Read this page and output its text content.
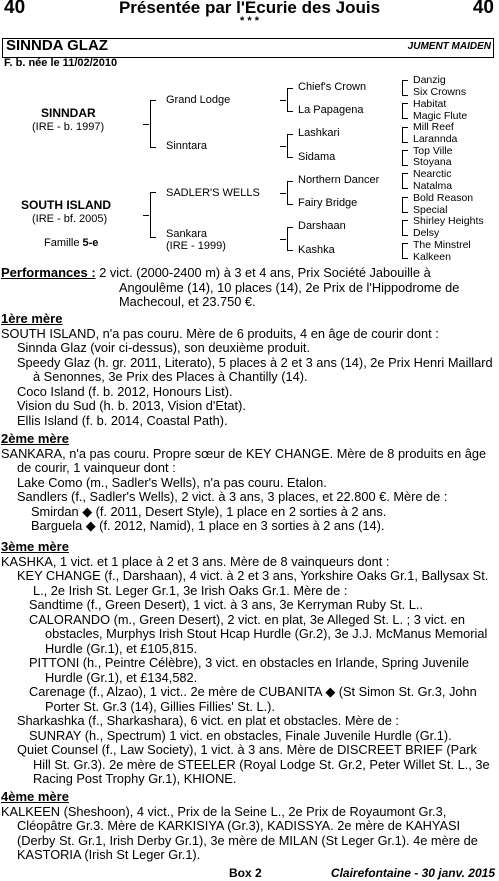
40	40
Présentée par l'Ecurie des Jouis
* * *
SINNDA GLAZ	JUMENT MAIDEN
F. b. née le 11/02/2010
SINNDAR
(IRE - b. 1997)
SOUTH ISLAND
(IRE - bf. 2005)
Famille 5-e
Grand Lodge
Sinntara
SADLER'S WELLS
Sankara
(IRE - 1999)
Chief's Crown
La Papagena
Lashkari
Sidama
Northern Dancer
Fairy Bridge
Darshaan
Kashka
Danzig
Six Crowns
Habitat
Magic Flute
Mill Reef
Larannda
Top Ville
Stoyana
Nearctic
Natalma
Bold Reason
Special
Shirley Heights
Delsy
The Minstrel
Kalkeen
Performances : 2 vict. (2000-2400 m) à 3 et 4 ans, Prix Société Jabouille à Angoulême (14), 10 places (14), 2e Prix de l'Hippodrome de Machecoul, et 23.750 €.
1ère mère
SOUTH ISLAND, n'a pas couru. Mère de 6 produits, 4 en âge de courir dont :
Sinnda Glaz (voir ci-dessus), son deuxième produit.
Speedy Glaz (h. gr. 2011, Literato), 5 places à 2 et 3 ans (14), 2e Prix Henri Maillard à Senonnes, 3e Prix des Places à Chantilly (14).
Coco Island (f. b. 2012, Honours List).
Vision du Sud (h. b. 2013, Vision d'Etat).
Ellis Island (f. b. 2014, Coastal Path).
2ème mère
SANKARA, n'a pas couru. Propre sœur de KEY CHANGE. Mère de 8 produits en âge de courir, 1 vainqueur dont :
Lake Como (m., Sadler's Wells), n'a pas couru. Etalon.
Sandlers (f., Sadler's Wells), 2 vict. à 3 ans, 3 places, et 22.800 €. Mère de :
Smirdan ◆ (f. 2011, Desert Style), 1 place en 2 sorties à 2 ans.
Barguela ◆ (f. 2012, Namid), 1 place en 3 sorties à 2 ans (14).
3ème mère
KASHKA, 1 vict. et 1 place à 2 et 3 ans. Mère de 8 vainqueurs dont :
KEY CHANGE (f., Darshaan), 4 vict. à 2 et 3 ans, Yorkshire Oaks Gr.1, Ballysax St. L., 2e Irish St. Leger Gr.1, 3e Irish Oaks Gr.1. Mère de :
Sandtime (f., Green Desert), 1 vict. à 3 ans, 3e Kerryman Ruby St. L..
CALORANDO (m., Green Desert), 2 vict. en plat, 3e Alleged St. L. ; 3 vict. en obstacles, Murphys Irish Stout Hcap Hurdle (Gr.2), 3e J.J. McManus Memorial Hurdle (Gr.1), et £105,815.
PITTONI (h., Peintre Célèbre), 3 vict. en obstacles en Irlande, Spring Juvenile Hurdle (Gr.1), et £134,582.
Carenage (f., Alzao), 1 vict.. 2e mère de CUBANITA ◆ (St Simon St. Gr.3, John Porter St. Gr.3 (14), Gillies Fillies' St. L.).
Sharkashka (f., Sharkashara), 6 vict. en plat et obstacles. Mère de :
SUNRAY (h., Spectrum) 1 vict. en obstacles, Finale Juvenile Hurdle (Gr.1).
Quiet Counsel (f., Law Society), 1 vict. à 3 ans. Mère de DISCREET BRIEF (Park Hill St. Gr.3). 2e mère de STEELER (Royal Lodge St. Gr.2, Peter Willet St. L., 3e Racing Post Trophy Gr.1), KHIONE.
4ème mère
KALKEEN (Sheshoon), 4 vict., Prix de la Seine L., 2e Prix de Royaumont Gr.3, Cléopâtre Gr.3. Mère de KARKISIYA (Gr.3), KADISSYA. 2e mère de KAHYASI (Derby St. Gr.1, Irish Derby Gr.1), 3e mère de MILAN (St Leger Gr.1). 4e mère de KASTORIA (Irish St Leger Gr.1).
Box 2	Clairefontaine - 30 janv. 2015
